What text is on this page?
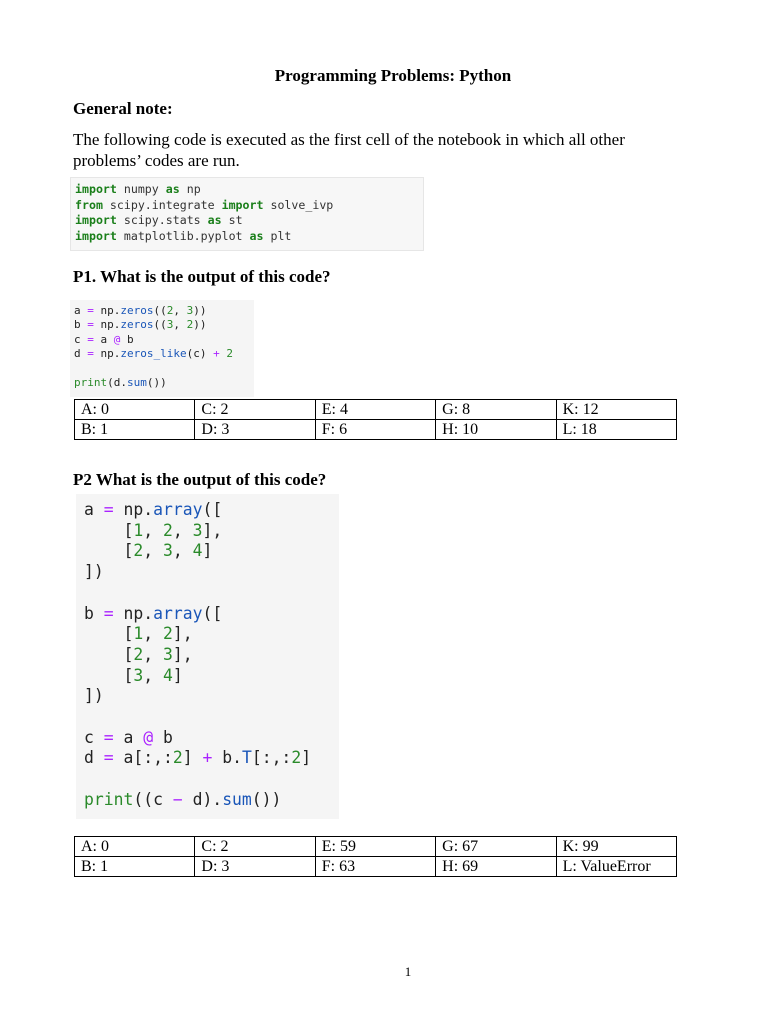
Programming Problems: Python
General note:
The following code is executed as the first cell of the notebook in which all other problems’ codes are run.
import numpy as np
from scipy.integrate import solve_ivp
import scipy.stats as st
import matplotlib.pyplot as plt
P1. What is the output of this code?
a = np.zeros((2, 3))
b = np.zeros((3, 2))
c = a @ b
d = np.zeros_like(c) + 2
print(d.sum())
A: 0	C: 2	E: 4	G: 8	K: 12
B: 1	D: 3	F: 6	H: 10	L: 18
P2 What is the output of this code?
a = np.array([
[1, 2, 3],
[2, 3, 4]
])
b = np.array([
[1, 2],
[2, 3],
[3, 4]
])
c = a @ b
d = a[:,:2] + b.T[:,:2]
print((c − d).sum())
A: 0	C: 2	E: 59	G: 67	K: 99
B: 1	D: 3	F: 63	H: 69	L: ValueError
1
